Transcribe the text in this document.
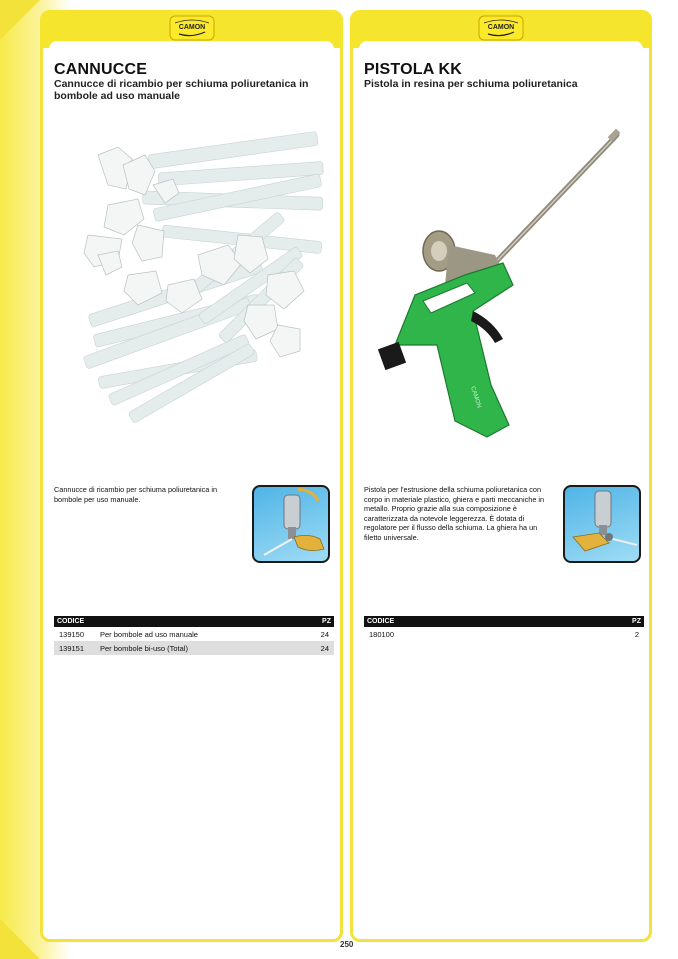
CAMON
CANNUCCE
Cannucce di ricambio per schiuma poliuretanica in bombole ad uso manuale
Cannucce di ricambio per schiuma poliuretanica in bombole per uso manuale.
CODICE	PZ
139150 Per bombole ad uso manuale	24
139151 Per bombole bi-uso (Total)	24
CAMON
PISTOLA KK
Pistola in resina per schiuma poliuretanica
CAMON
Pistola per l'estrusione della schiuma poliuretanica con corpo in materiale plastico, ghiera e parti meccaniche in metallo. Proprio grazie alla sua composizione è caratterizzata da notevole leggerezza. È dotata di regolatore per il flusso della schiuma. La ghiera ha un filetto universale.
CODICE	PZ
180100	2
250
